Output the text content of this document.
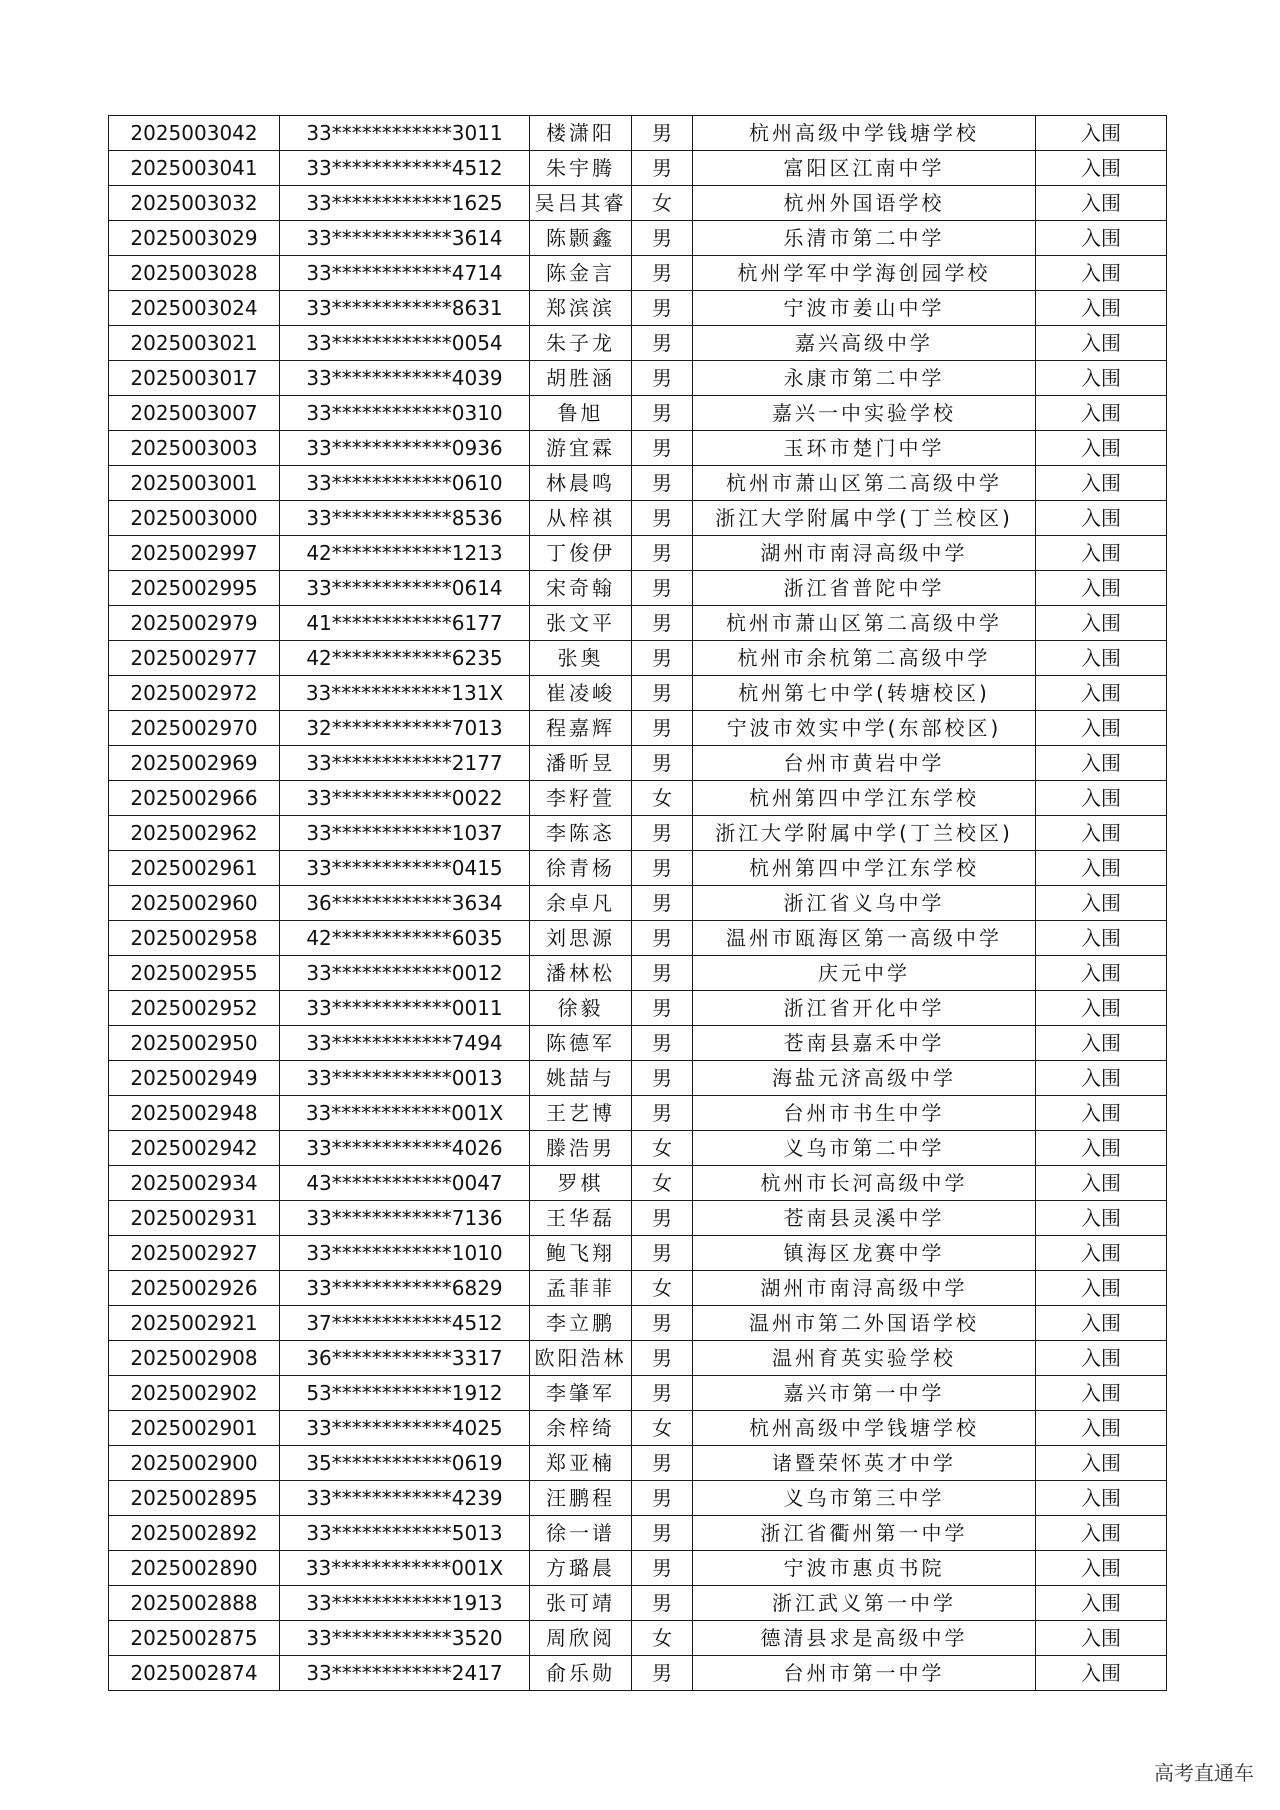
2025003042	33************3011	楼潇阳	男	杭州高级中学钱塘学校	入围
2025003041	33************4512	朱宇腾	男	富阳区江南中学	入围
2025003032	33************1625	吴吕其睿	女	杭州外国语学校	入围
2025003029	33************3614	陈颢鑫	男	乐清市第二中学	入围
2025003028	33************4714	陈金言	男	杭州学军中学海创园学校	入围
2025003024	33************8631	郑滨滨	男	宁波市姜山中学	入围
2025003021	33************0054	朱子龙	男	嘉兴高级中学	入围
2025003017	33************4039	胡胜涵	男	永康市第二中学	入围
2025003007	33************0310	鲁旭	男	嘉兴一中实验学校	入围
2025003003	33************0936	游宜霖	男	玉环市楚门中学	入围
2025003001	33************0610	林晨鸣	男	杭州市萧山区第二高级中学	入围
2025003000	33************8536	从梓祺	男	浙江大学附属中学(丁兰校区)	入围
2025002997	42************1213	丁俊伊	男	湖州市南浔高级中学	入围
2025002995	33************0614	宋奇翰	男	浙江省普陀中学	入围
2025002979	41************6177	张文平	男	杭州市萧山区第二高级中学	入围
2025002977	42************6235	张奥	男	杭州市余杭第二高级中学	入围
2025002972	33************131X	崔凌峻	男	杭州第七中学(转塘校区)	入围
2025002970	32************7013	程嘉辉	男	宁波市效实中学(东部校区)	入围
2025002969	33************2177	潘昕昱	男	台州市黄岩中学	入围
2025002966	33************0022	李籽萱	女	杭州第四中学江东学校	入围
2025002962	33************1037	李陈忞	男	浙江大学附属中学(丁兰校区)	入围
2025002961	33************0415	徐青杨	男	杭州第四中学江东学校	入围
2025002960	36************3634	余卓凡	男	浙江省义乌中学	入围
2025002958	42************6035	刘思源	男	温州市瓯海区第一高级中学	入围
2025002955	33************0012	潘林松	男	庆元中学	入围
2025002952	33************0011	徐毅	男	浙江省开化中学	入围
2025002950	33************7494	陈德军	男	苍南县嘉禾中学	入围
2025002949	33************0013	姚喆与	男	海盐元济高级中学	入围
2025002948	33************001X	王艺博	男	台州市书生中学	入围
2025002942	33************4026	滕浩男	女	义乌市第二中学	入围
2025002934	43************0047	罗棋	女	杭州市长河高级中学	入围
2025002931	33************7136	王华磊	男	苍南县灵溪中学	入围
2025002927	33************1010	鲍飞翔	男	镇海区龙赛中学	入围
2025002926	33************6829	孟菲菲	女	湖州市南浔高级中学	入围
2025002921	37************4512	李立鹏	男	温州市第二外国语学校	入围
2025002908	36************3317	欧阳浩林	男	温州育英实验学校	入围
2025002902	53************1912	李肇军	男	嘉兴市第一中学	入围
2025002901	33************4025	余梓绮	女	杭州高级中学钱塘学校	入围
2025002900	35************0619	郑亚楠	男	诸暨荣怀英才中学	入围
2025002895	33************4239	汪鹏程	男	义乌市第三中学	入围
2025002892	33************5013	徐一谱	男	浙江省衢州第一中学	入围
2025002890	33************001X	方璐晨	男	宁波市惠贞书院	入围
2025002888	33************1913	张可靖	男	浙江武义第一中学	入围
2025002875	33************3520	周欣阅	女	德清县求是高级中学	入围
2025002874	33************2417	俞乐勋	男	台州市第一中学	入围
高考直通车
